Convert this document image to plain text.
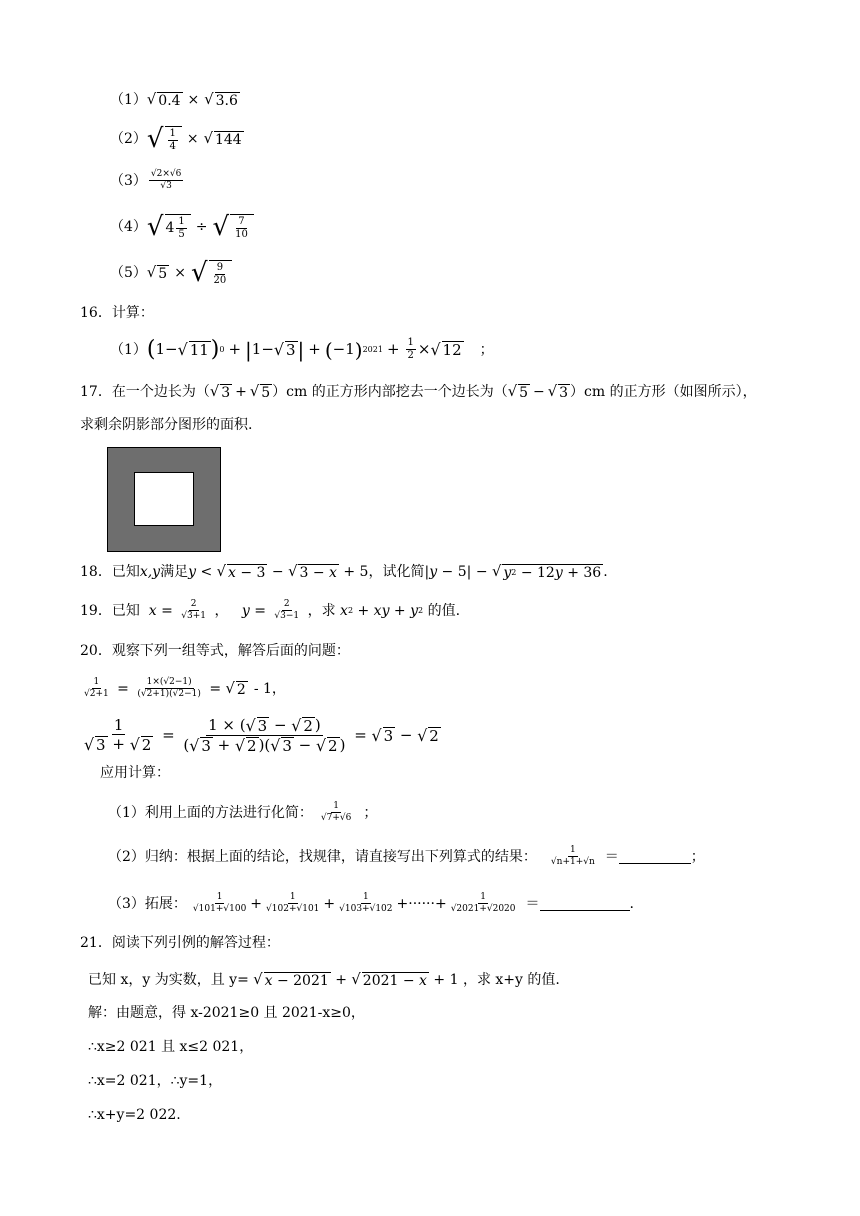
（1） √ 0.4 × √ 3.6
（2） √ 1
4 × √ 144
（3） √2×√6
√3
（4） √ 4 1
5 ÷ √ 7
10
（5） √ 5 × √ 9
20
16．计算：
（1） ( 1− √ 11 ) 0 + | 1− √ 3 | + ( −1 ) $2021 + \frac{1}{2}$ × √ 12 ；
17． 在一个边长为（ √ 3 + √ 5 ）cm 的正方形内部挖去一个边长为（ √ 5 − √ 3 ）cm 的正方形（如图所示），
求剩余阴影部分图形的面积.
18． 已知 x,y 满足 y < √ x − 3 − √ 3 − x + 5 ，试化简 | y − 5| − √ y 2 − 12 y + 36 .
19． 已知
x = 2
√3+1
，
y = 2
√3−1
，求
x 2 + xy + y 2
的值.
20． 观察下列一组等式，解答后面的问题：
1
√2+1 = 1×(√2−1)
(√2+1)(√2−1) = √ 2 - 1，
1
√ 3 + √ 2
=
1 × ( √ 3 − √ 2 )
( √ 3 + √ 2 )( √ 3 − √ 2 )
= √ 3 − √ 2
应用计算：
（1）利用上面的方法进行化简： 1
√7+√6 ；
（2）归纳：根据上面的结论，找规律，请直接写出下列算式的结果：	1
√n+1+√n ＝	；
（3）拓展：	1
√101+√100 +	1
√102+√101 +	1
√103+√102 +······+ $\frac{1}{√2021+√2020}$ ＝	.
21． 阅读下列引例的解答过程：
已知 x，y 为实数，且 y=
√ x − 2021 + √ 2021 − x + 1 ，求 x+y 的值.
解：由题意，得 x-2021≥0 且 2021-x≥0，
∴x≥2 021 且 x≤2 021，
∴x=2 021，∴y=1，
∴x+y=2 022.
